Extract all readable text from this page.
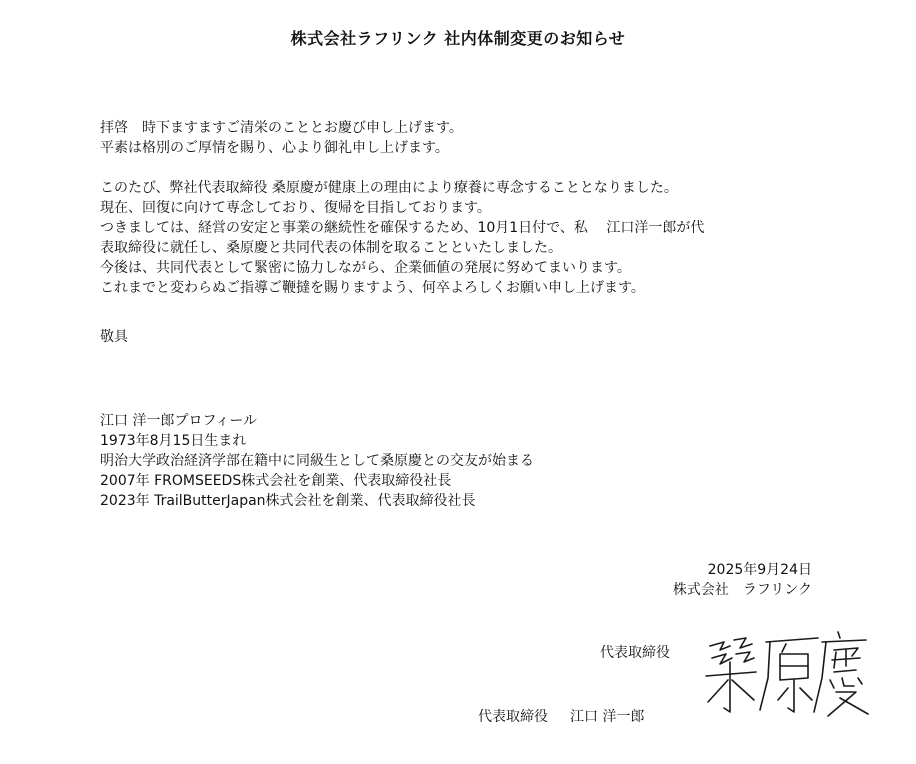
株式会社ラフリンク 社内体制変更のお知らせ
拝啓　時下ますますご清栄のこととお慶び申し上げます。
平素は格別のご厚情を賜り、心より御礼申し上げます。
このたび、弊社代表取締役 桑原慶が健康上の理由により療養に専念することとなりました。
現在、回復に向けて専念しており、復帰を目指しております。
つきましては、経営の安定と事業の継続性を確保するため、10月1日付で、私　 江口洋一郎が代
表取締役に就任し、桑原慶と共同代表の体制を取ることといたしました。
今後は、共同代表として緊密に協力しながら、企業価値の発展に努めてまいります。
これまでと変わらぬご指導ご鞭撻を賜りますよう、何卒よろしくお願い申し上げます。
敬具
江口 洋一郎プロフィール
1973年8月15日生まれ
明治大学政治経済学部在籍中に同級生として桑原慶との交友が始まる
2007年 FROMSEEDS株式会社を創業、代表取締役社長
2023年 TrailButterJapan株式会社を創業、代表取締役社長
2025年9月24日
株式会社　ラフリンク
代表取締役
代表取締役 江口 洋一郎
